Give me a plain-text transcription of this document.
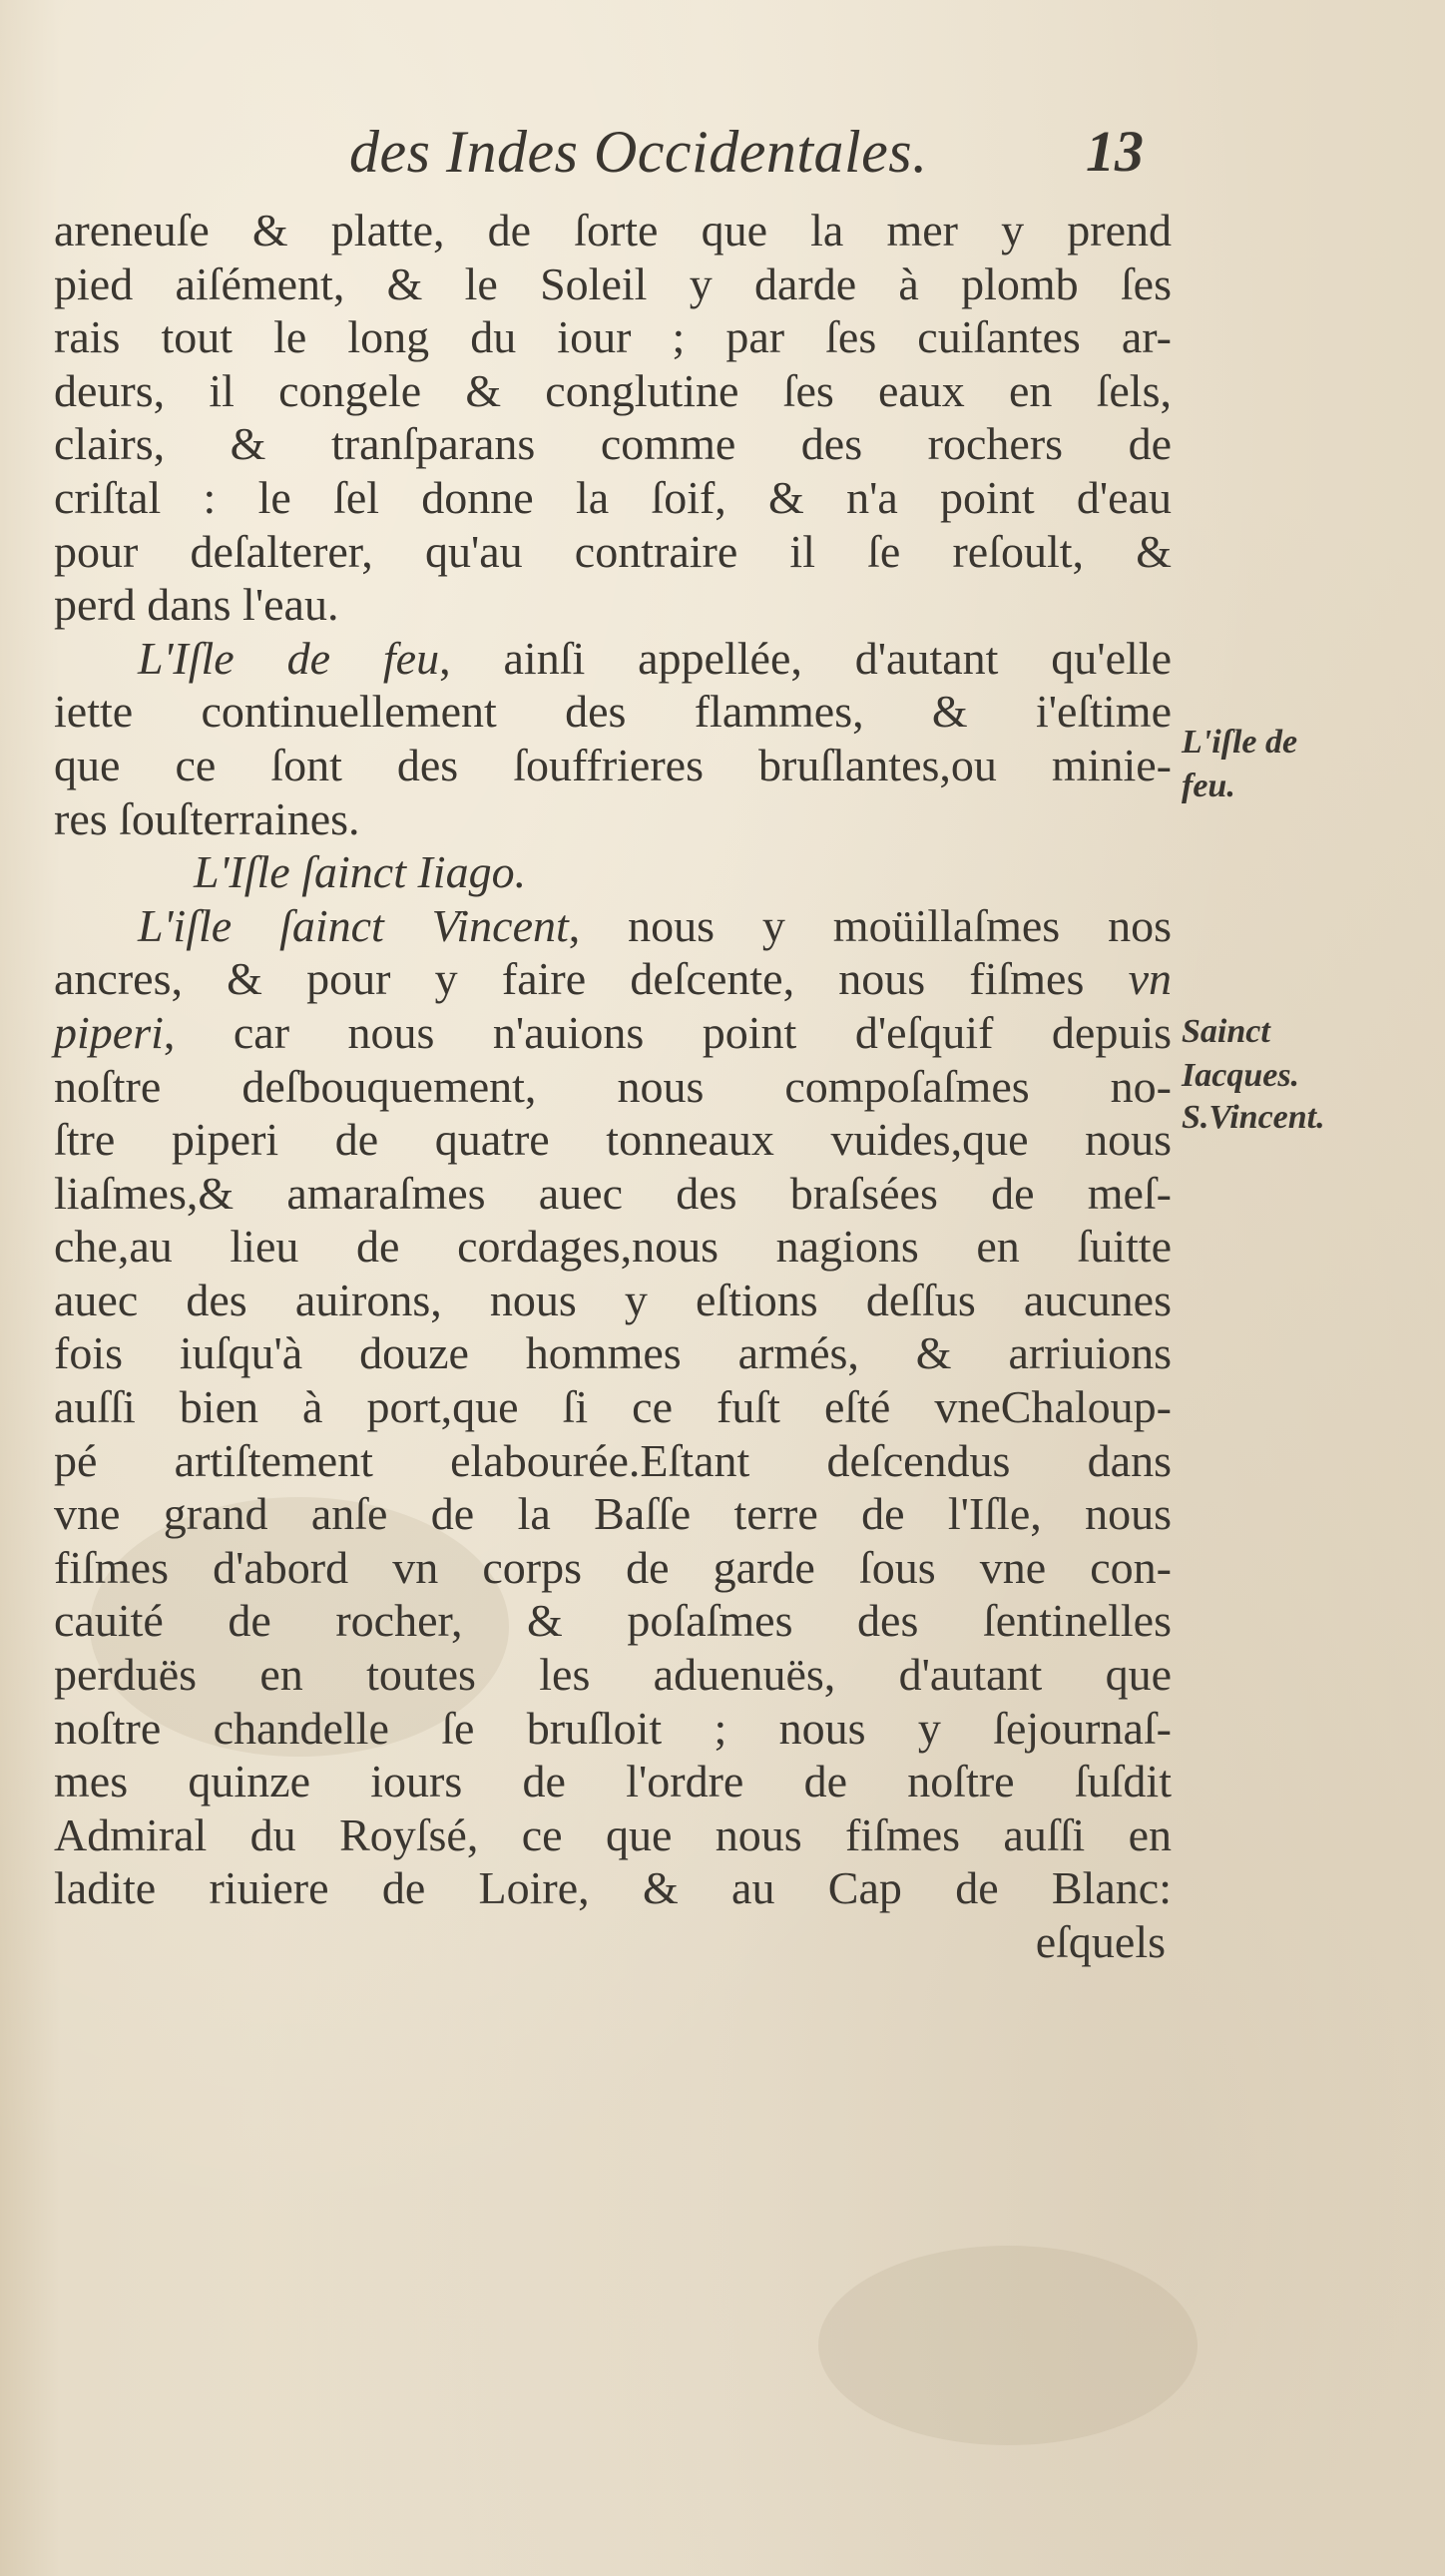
des Indes Occidentales.	13
areneuſe & platte, de ſorte que la mer y prend
pied aiſément, & le Soleil y darde à plomb ſes
rais tout le long du iour ; par ſes cuiſantes ar-
deurs, il congele & conglutine ſes eaux en ſels,
clairs, & tranſparans comme des rochers de
criſtal : le ſel donne la ſoif, & n'a point d'eau
pour deſalterer, qu'au contraire il ſe reſoult, &
perd dans l'eau.
L'Iſle de feu, ainſi appellée, d'autant qu'elle
iette continuellement des flammes, & i'eſtime
que ce ſont des ſouffrieres bruſlantes,ou minie-
res ſouſterraines.
L'Iſle ſainct Iiago.
L'iſle ſainct Vincent, nous y moüillaſmes nos
ancres, & pour y faire deſcente, nous fiſmes vn
piperi, car nous n'auions point d'eſquif depuis
noſtre deſbouquement, nous compoſaſmes no-
ſtre piperi de quatre tonneaux vuides,que nous
liaſmes,& amaraſmes auec des braſsées de meſ-
che,au lieu de cordages,nous nagions en ſuitte
auec des auirons, nous y eſtions deſſus aucunes
fois iuſqu'à douze hommes armés, & arriuions
auſſi bien à port,que ſi ce fuſt eſté vneChaloup-
pé artiſtement elabourée.Eſtant deſcendus dans
vne grand anſe de la Baſſe terre de l'Iſle, nous
fiſmes d'abord vn corps de garde ſous vne con-
cauité de rocher, & poſaſmes des ſentinelles
perduës en toutes les aduenuës, d'autant que
noſtre chandelle ſe bruſloit ; nous y ſejournaſ-
mes quinze iours de l'ordre de noſtre ſuſdit
Admiral du Royſsé, ce que nous fiſmes auſſi en
ladite riuiere de Loire, & au Cap de Blanc:
eſquels
L'iſle de
feu.
Sainct
Iacques.
S.Vincent.
